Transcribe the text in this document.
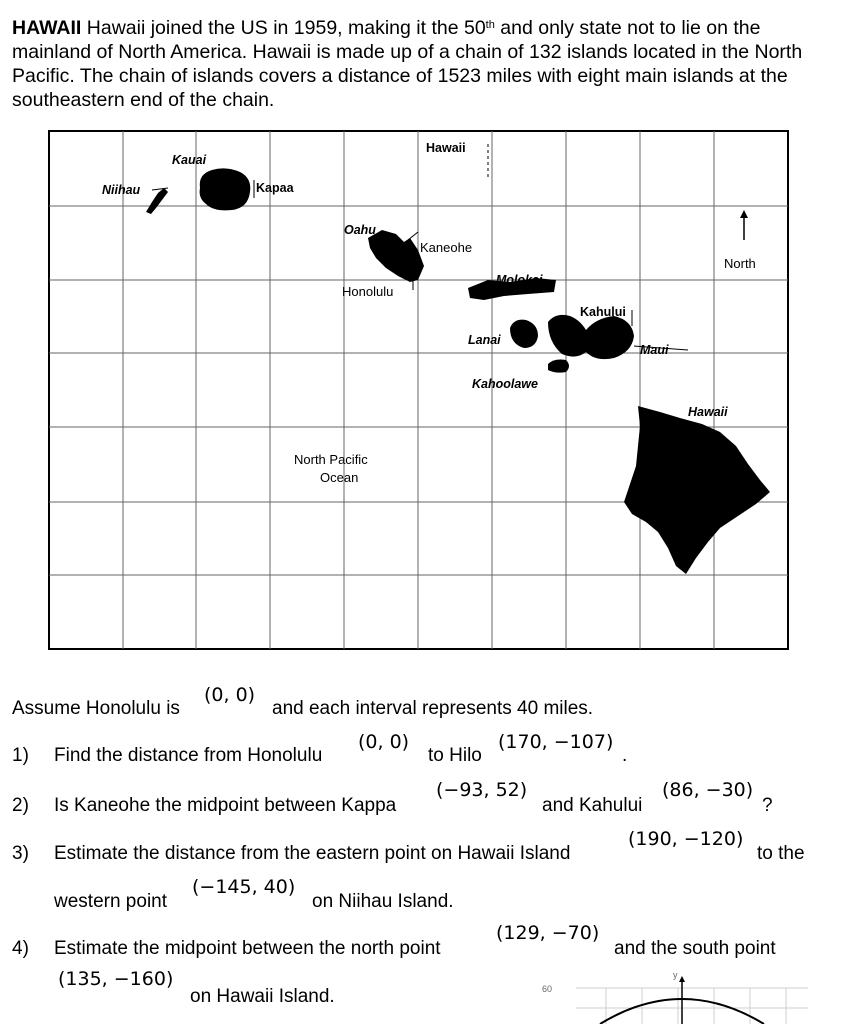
HAWAII Hawaii joined the US in 1959, making it the 50th and only state not to lie on the mainland of North America. Hawaii is made up of a chain of 132 islands located in the North Pacific. The chain of islands covers a distance of 1523 miles with eight main islands at the southeastern end of the chain.

Hawaii
Niihau
Kauai
Kapaa
Oahu
Kaneohe
Honolulu
Molokai
Kahului
Lanai
Maui
Kahoolawe
Hawaii
North
North Pacific
Ocean
Assume Honolulu is
(0, 0)
and each interval represents 40 miles.
1) Find the distance from Honolulu
(0, 0)
to Hilo
(170, −107)
.
2) Is Kaneohe the midpoint between Kappa
(−93, 52)
and Kahului
(86, −30)
?
3) Estimate the distance from the eastern point on Hawaii Island
(190, −120)
to the
western point
(−145, 40)
on Niihau Island.
4) Estimate the midpoint between the north point
(129, −70)
and the south point
(135, −160)
on Hawaii Island.	60
y
